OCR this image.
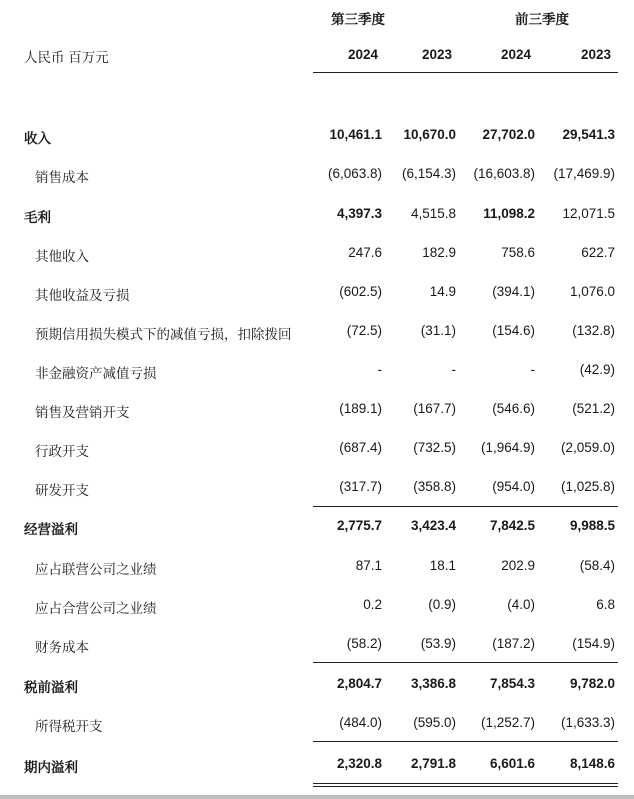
第三季度	前三季度
人民币 百万元	2024	2023	2024	2023
收入	10,461.1	10,670.0	27,702.0	29,541.3
销售成本	(6,063.8)	(6,154.3)	(16,603.8)	(17,469.9)
毛利	4,397.3	4,515.8	11,098.2	12,071.5
其他收入	247.6	182.9	758.6	622.7
其他收益及亏损	(602.5)	14.9	(394.1)	1,076.0
预期信用损失模式下的减值亏损，扣除拨回	(72.5)	(31.1)	(154.6)	(132.8)
非金融资产减值亏损	-	-	-	(42.9)
销售及营销开支	(189.1)	(167.7)	(546.6)	(521.2)
行政开支	(687.4)	(732.5)	(1,964.9)	(2,059.0)
研发开支	(317.7)	(358.8)	(954.0)	(1,025.8)
经营溢利	2,775.7	3,423.4	7,842.5	9,988.5
应占联营公司之业绩	87.1	18.1	202.9	(58.4)
应占合营公司之业绩	0.2	(0.9)	(4.0)	6.8
财务成本	(58.2)	(53.9)	(187.2)	(154.9)
税前溢利	2,804.7	3,386.8	7,854.3	9,782.0
所得税开支	(484.0)	(595.0)	(1,252.7)	(1,633.3)
期内溢利	2,320.8	2,791.8	6,601.6	8,148.6
